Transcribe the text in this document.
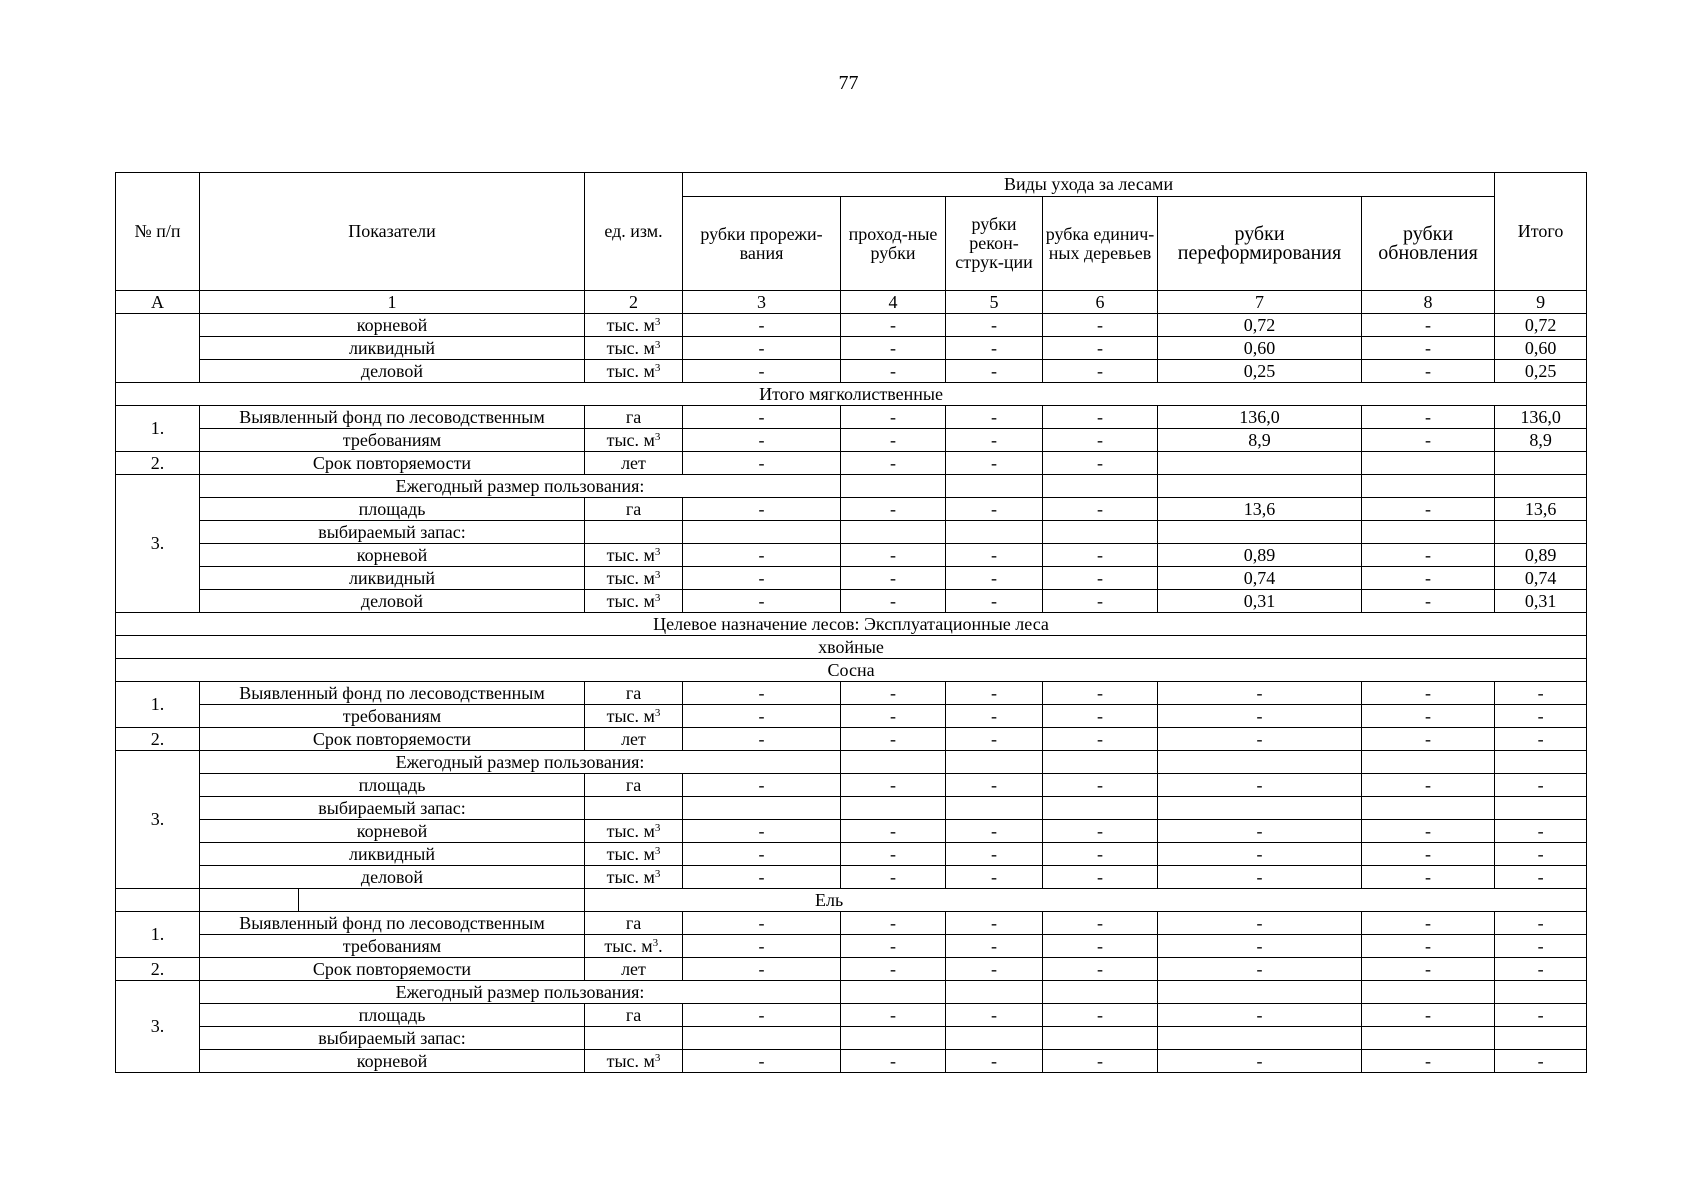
77
№ п/п	Показатели	ед. изм.	Виды ухода за лесами						Итого
			рубки прорежи-вания	проход-ные рубки	рубки рекон-струк-ции	рубка единич-ных деревьев	рубки переформирования	рубки обновления	
А	1	2	3	4	5	6	7	8	9
	корневой	тыс. $м^3$	-	-	-	-	0,72	-	0,72
	ликвидный	тыс. $м^3$	-	-	-	-	0,60	-	0,60
	деловой	тыс. $м^3$	-	-	-	-	0,25	-	0,25
Итого мягколиственные									
1.	Выявленный фонд по лесоводственным	га	-	-	-	-	136,0	-	136,0
	требованиям	тыс. $м^3$	-	-	-	-	8,9	-	8,9
2.	Срок повторяемости	лет	-	-	-	-			
3.	Ежегодный размер пользования:								
	площадь	га	-	-	-	-	13,6	-	13,6
	выбираемый запас:								
	корневой	тыс. $м^3$	-	-	-	-	0,89	-	0,89
	ликвидный	тыс. $м^3$	-	-	-	-	0,74	-	0,74
	деловой	тыс. $м^3$	-	-	-	-	0,31	-	0,31
Целевое назначение лесов: Эксплуатационные леса									
хвойные									
Сосна									
1.	Выявленный фонд по лесоводственным	га	-	-	-	-	-	-	-
	требованиям	тыс. $м^3$	-	-	-	-	-	-	-
2.	Срок повторяемости	лет	-	-	-	-	-	-	-
3.	Ежегодный размер пользования:								
	площадь	га	-	-	-	-	-	-	-
	выбираемый запас:								
	корневой	тыс. $м^3$	-	-	-	-	-	-	-
	ликвидный	тыс. $м^3$	-	-	-	-	-	-	-
	деловой	тыс. $м^3$	-	-	-	-	-	-	-

	Ель							
1.	Выявленный фонд по лесоводственным	га	-	-	-	-	-	-	-
	требованиям	тыс. $м^3$.	-	-	-	-	-	-	-
2.	Срок повторяемости	лет	-	-	-	-	-	-	-
3.	Ежегодный размер пользования:								
	площадь	га	-	-	-	-	-	-	-
	выбираемый запас:								
	корневой	тыс. $м^3$	-	-	-	-	-	-	-
